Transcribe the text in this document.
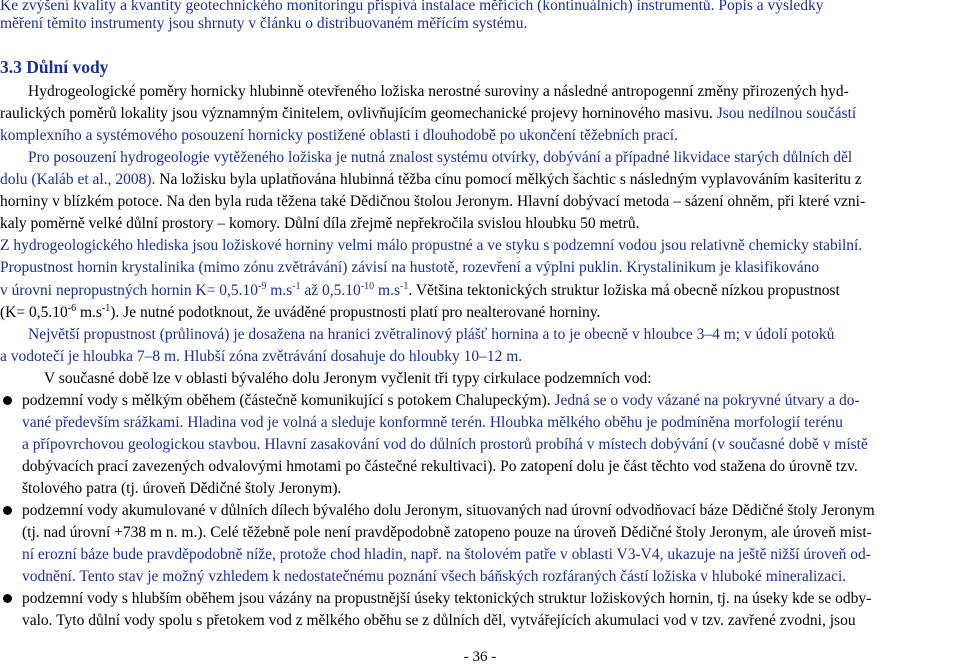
Ke zvýšení kvality a kvantity geotechnického monitoringu přispívá instalace měřících (kontinuálních) instrumentů. Popis a výsledky
měření těmito instrumenty jsou shrnuty v článku o distribuovaném měřícím systému.
3.3 Důlní vody
Hydrogeologické poměry hornicky hlubinně otevřeného ložiska nerostné suroviny a následné antropogenní změny přirozených hyd-
raulických poměrů lokality jsou významným činitelem, ovlivňujícím geomechanické projevy horninového masivu. Jsou nedílnou součástí
komplexního a systémového posouzení hornicky postižené oblasti i dlouhodobě po ukončení těžebních prací.
Pro posouzení hydrogeologie vytěženého ložiska je nutná znalost systému otvírky, dobývání a případné likvidace starých důlních děl
dolu (Kaláb et al., 2008). Na ložisku byla uplatňována hlubinná těžba cínu pomocí mělkých šachtic s následným vyplavováním kasiteritu z
horniny v blízkém potoce. Na den byla ruda těžena také Dědičnou štolou Jeronym. Hlavní dobývací metoda – sázení ohněm, při které vzni-
kaly poměrně velké důlní prostory – komory. Důlní díla zřejmě nepřekročila svislou hloubku 50 metrů.
Z hydrogeologického hlediska jsou ložiskové horniny velmi málo propustné a ve styku s podzemní vodou jsou relativně chemicky stabilní.
Propustnost hornin krystalinika (mimo zónu zvětrávání) závisí na hustotě, rozevření a výplni puklin. Krystalinikum je klasifikováno
v úrovni nepropustných hornin $K= 0,5.10^{-9}$ $m.s^{-1}$ až $0,5.10^{-10}$ $m.s^{-1}$. Většina tektonických struktur ložiska má obecně nízkou propustnost
($K= 0,5.10^{-6}$ $m.s^{-1}$). Je nutné podotknout, že uváděné propustnosti platí pro nealterované horniny.
Největší propustnost (průlinová) je dosažena na hranici zvětralinový plášť hornina a to je obecně v hloubce 3–4 m; v údolí potoků
a vodotečí je hloubka 7–8 m. Hlubší zóna zvětrávání dosahuje do hloubky 10–12 m.
V současné době lze v oblasti bývalého dolu Jeronym vyčlenit tři typy cirkulace podzemních vod:
podzemní vody s mělkým oběhem (částečně komunikující s potokem Chalupeckým). Jedná se o vody vázané na pokryvné útvary a do-
vané především srážkami. Hladina vod je volná a sleduje konformně terén. Hloubka mělkého oběhu je podmíněna morfologií terénu
a přípovrchovou geologickou stavbou. Hlavní zasakování vod do důlních prostorů probíhá v místech dobývání (v současné době v místě
dobývacích prací zavezených odvalovými hmotami po částečné rekultivaci). Po zatopení dolu je část těchto vod stažena do úrovně tzv.
štolového patra (tj. úroveň Dědičné štoly Jeronym).
podzemní vody akumulované v důlních dílech bývalého dolu Jeronym, situovaných nad úrovní odvodňovací báze Dědičné štoly Jeronym
(tj. nad úrovní +738 m n. m.). Celé těžebně pole není pravděpodobně zatopeno pouze na úroveň Dědičné štoly Jeronym, ale úroveň mist-
ní erozní báze bude pravděpodobně níže, protože chod hladin, např. na štolovém patře v oblasti V3-V4, ukazuje na ještě nižší úroveň od-
vodnění. Tento stav je možný vzhledem k nedostatečnému poznání všech báňských rozfáraných částí ložiska v hluboké mineralizaci.
podzemní vody s hlubším oběhem jsou vázány na propustnější úseky tektonických struktur ložiskových hornin, tj. na úseky kde se odby-
valo. Tyto důlní vody spolu s přetokem vod z mělkého oběhu se z důlních děl, vytvářejících akumulaci vod v tzv. zavřené zvodni, jsou
- 36 -
